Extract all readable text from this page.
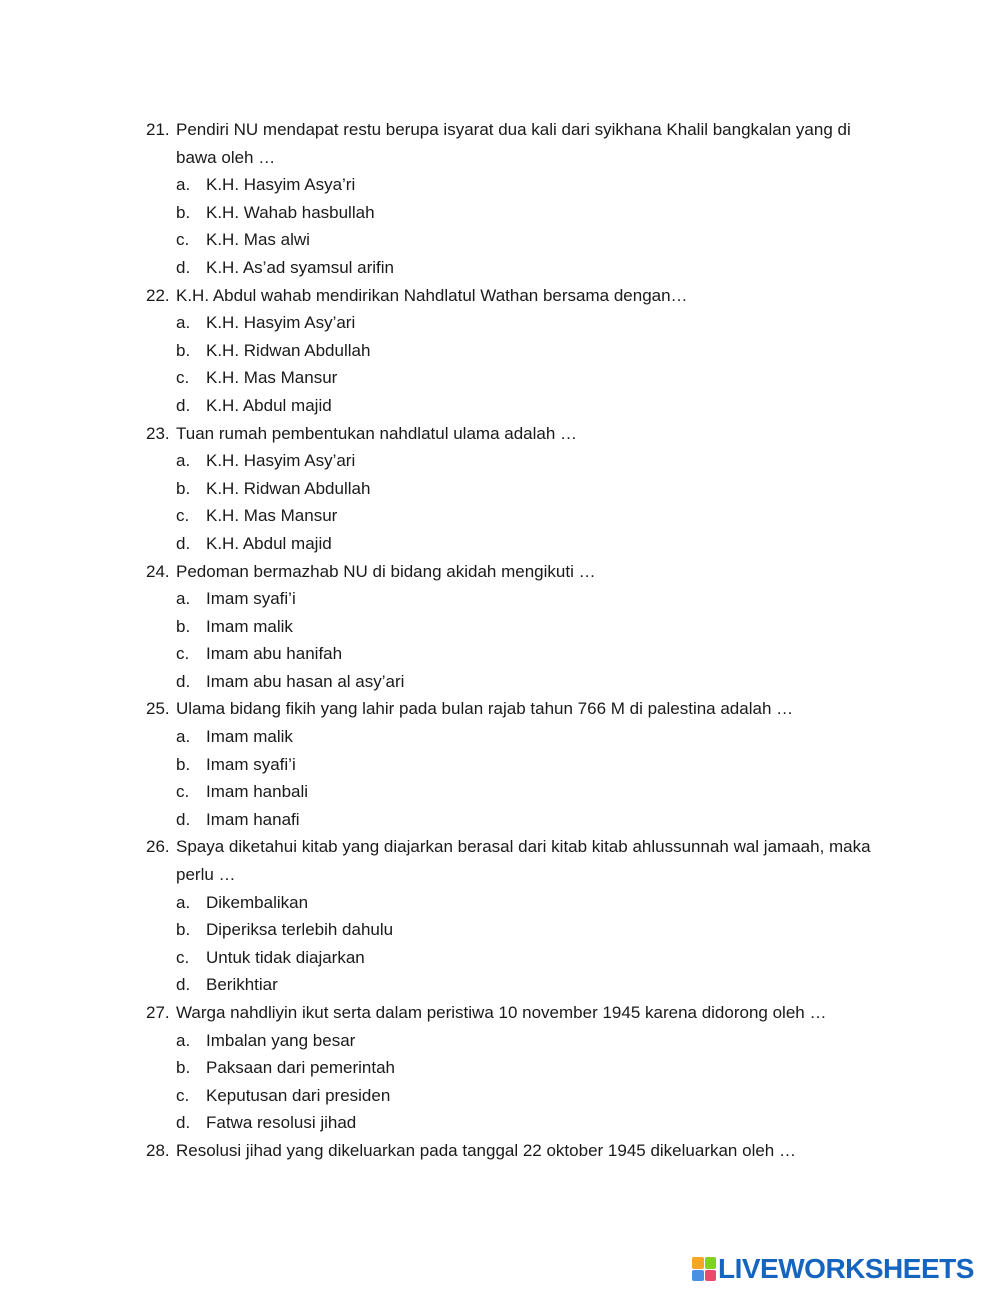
21. Pendiri NU mendapat restu berupa isyarat dua kali dari syikhana Khalil bangkalan yang di bawa oleh …
a. K.H. Hasyim Asya’ri
b. K.H. Wahab hasbullah
c. K.H. Mas alwi
d. K.H. As’ad syamsul arifin
22. K.H. Abdul wahab mendirikan Nahdlatul Wathan bersama dengan…
a. K.H. Hasyim Asy’ari
b. K.H. Ridwan Abdullah
c. K.H. Mas Mansur
d. K.H. Abdul majid
23. Tuan rumah pembentukan nahdlatul ulama adalah …
a. K.H. Hasyim Asy’ari
b. K.H. Ridwan Abdullah
c. K.H. Mas Mansur
d. K.H. Abdul majid
24. Pedoman bermazhab NU di bidang akidah mengikuti …
a. Imam syafi’i
b. Imam malik
c. Imam abu hanifah
d. Imam abu hasan al asy’ari
25. Ulama bidang fikih yang lahir pada bulan rajab tahun 766 M di palestina adalah …
a. Imam malik
b. Imam syafi’i
c. Imam hanbali
d. Imam hanafi
26. Spaya diketahui kitab yang diajarkan berasal dari kitab kitab ahlussunnah wal jamaah, maka perlu …
a. Dikembalikan
b. Diperiksa terlebih dahulu
c. Untuk tidak diajarkan
d. Berikhtiar
27. Warga nahdliyin ikut serta dalam peristiwa 10 november 1945 karena didorong oleh …
a. Imbalan yang besar
b. Paksaan dari pemerintah
c. Keputusan dari presiden
d. Fatwa resolusi jihad
28. Resolusi jihad yang dikeluarkan pada tanggal 22 oktober 1945 dikeluarkan oleh …
LIVEWORKSHEETS
